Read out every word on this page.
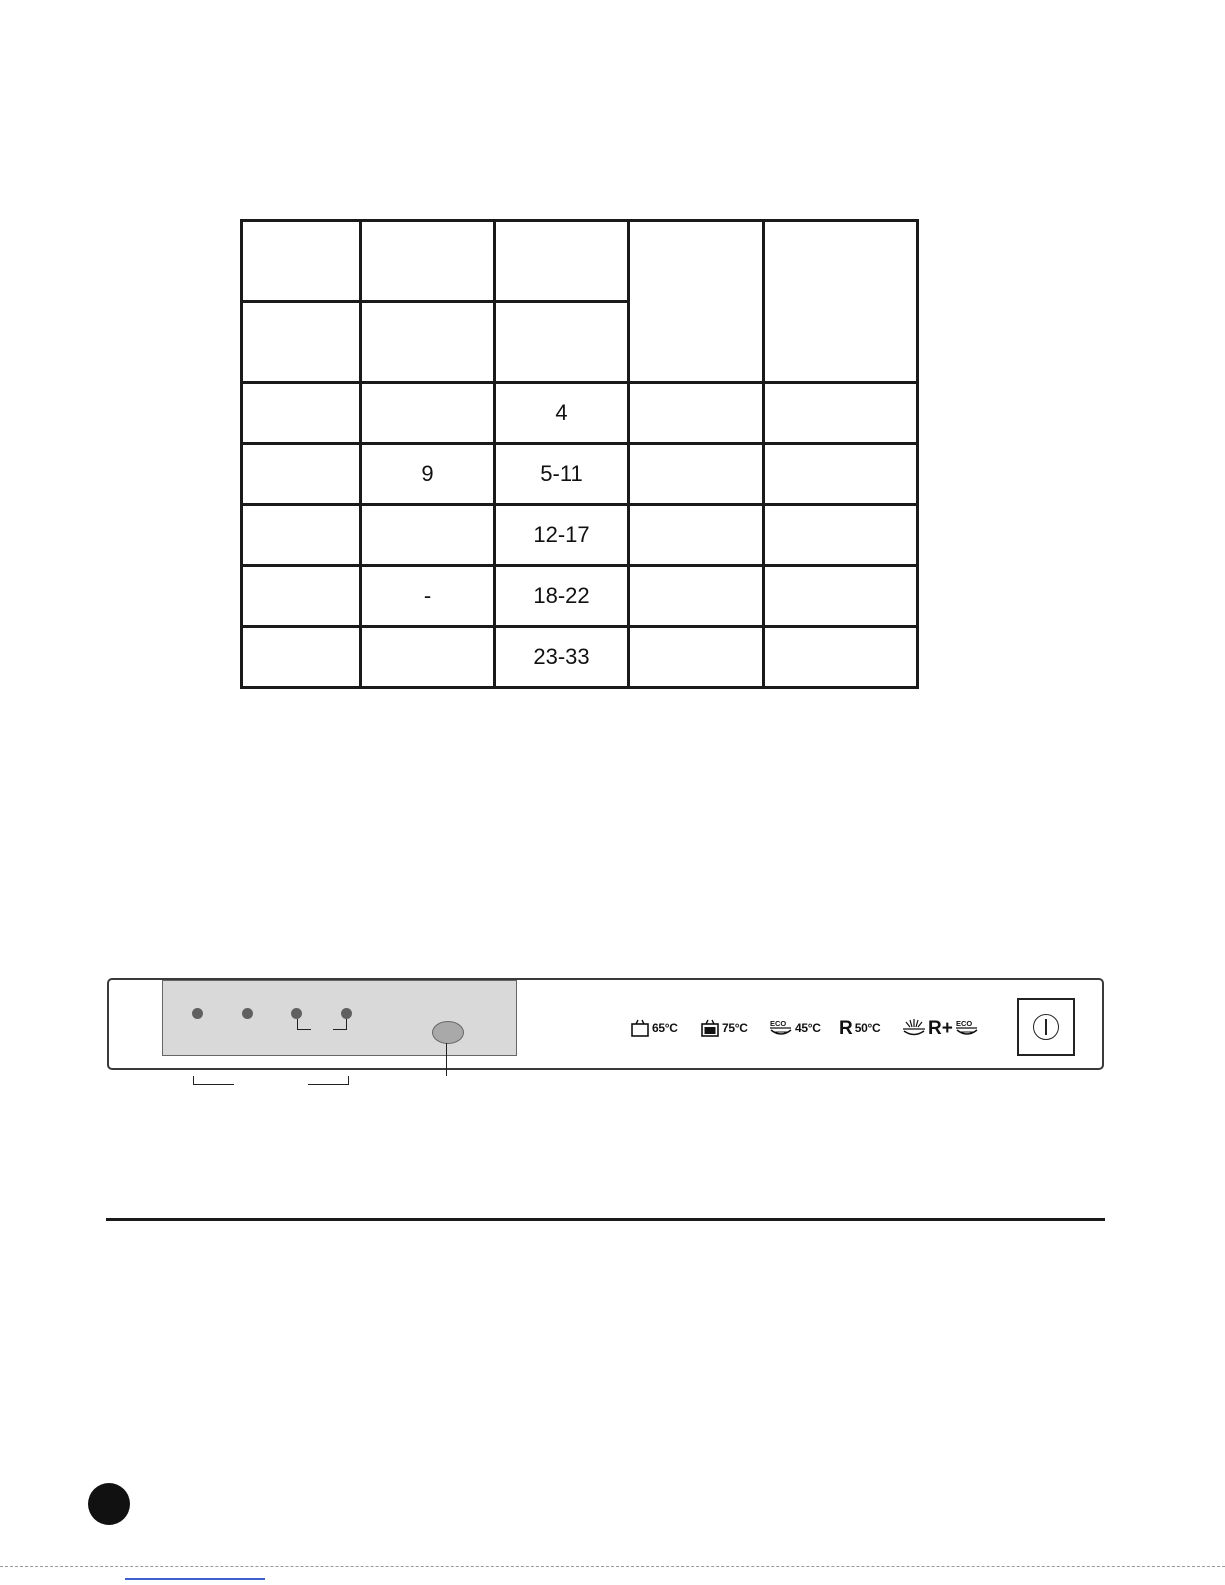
		4		
	9	5-11		
		12-17		
	-	18-22		
		23-33		
65°C	75°C	ECO 45°C R 50°C	R+ ECO
